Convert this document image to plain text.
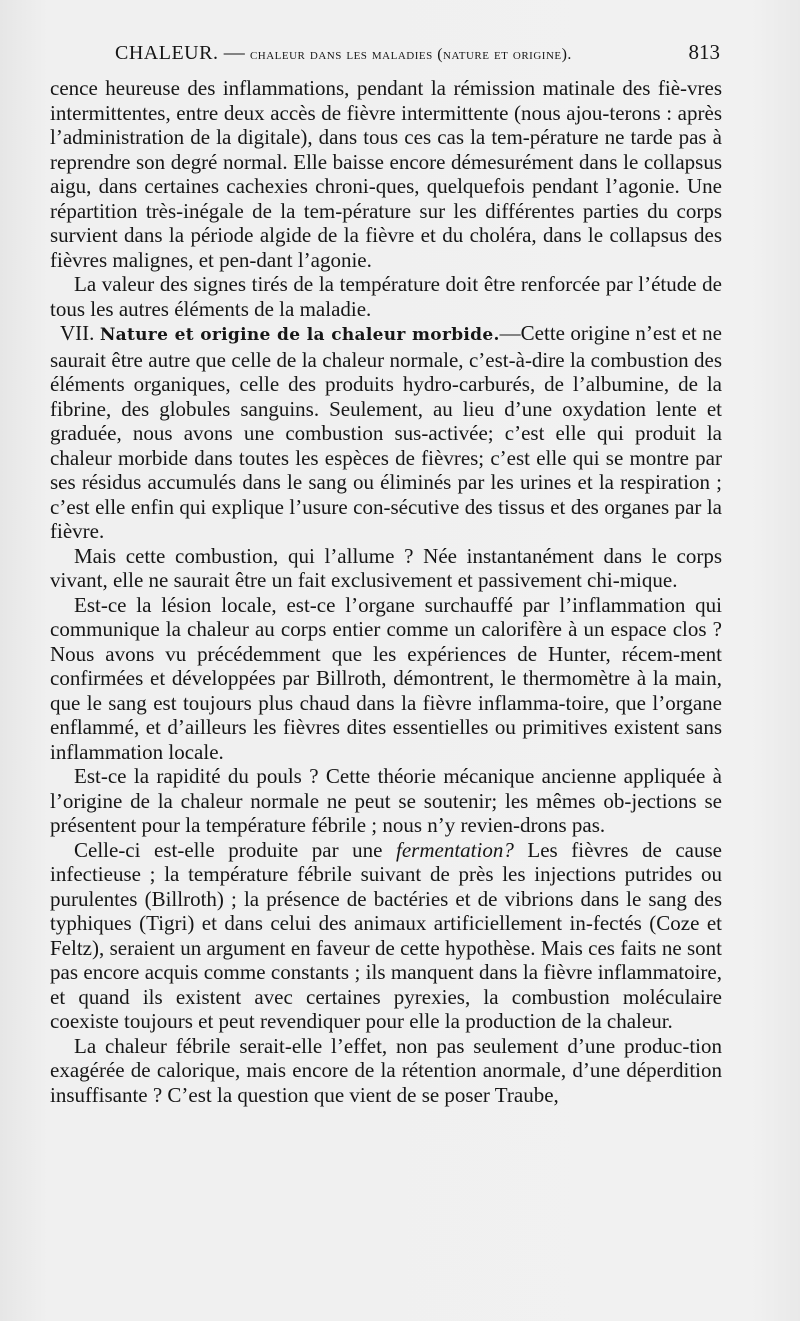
CHALEUR. — chaleur dans les maladies (nature et origine).	813

cence heureuse des inflammations, pendant la rémission matinale des fiè-vres intermittentes, entre deux accès de fièvre intermittente (nous ajou-terons : après l’administration de la digitale), dans tous ces cas la tem-pérature ne tarde pas à reprendre son degré normal. Elle baisse encore démesurément dans le collapsus aigu, dans certaines cachexies chroni-ques, quelquefois pendant l’agonie. Une répartition très-inégale de la tem-pérature sur les différentes parties du corps survient dans la période algide de la fièvre et du choléra, dans le collapsus des fièvres malignes, et pen-dant l’agonie.

La valeur des signes tirés de la température doit être renforcée par l’étude de tous les autres éléments de la maladie.

VII. Nature et origine de la chaleur morbide.—Cette origine n’est et ne saurait être autre que celle de la chaleur normale, c’est-à-dire la combustion des éléments organiques, celle des produits hydro-carburés, de l’albumine, de la fibrine, des globules sanguins. Seulement, au lieu d’une oxydation lente et graduée, nous avons une combustion sus-activée; c’est elle qui produit la chaleur morbide dans toutes les espèces de fièvres; c’est elle qui se montre par ses résidus accumulés dans le sang ou éliminés par les urines et la respiration ; c’est elle enfin qui explique l’usure con-sécutive des tissus et des organes par la fièvre.

Mais cette combustion, qui l’allume ? Née instantanément dans le corps vivant, elle ne saurait être un fait exclusivement et passivement chi-mique.

Est-ce la lésion locale, est-ce l’organe surchauffé par l’inflammation qui communique la chaleur au corps entier comme un calorifère à un espace clos ? Nous avons vu précédemment que les expériences de Hunter, récem-ment confirmées et développées par Billroth, démontrent, le thermomètre à la main, que le sang est toujours plus chaud dans la fièvre inflamma-toire, que l’organe enflammé, et d’ailleurs les fièvres dites essentielles ou primitives existent sans inflammation locale.

Est-ce la rapidité du pouls ? Cette théorie mécanique ancienne appliquée à l’origine de la chaleur normale ne peut se soutenir; les mêmes ob-jections se présentent pour la température fébrile ; nous n’y revien-drons pas.

Celle-ci est-elle produite par une fermentation? Les fièvres de cause infectieuse ; la température fébrile suivant de près les injections putrides ou purulentes (Billroth) ; la présence de bactéries et de vibrions dans le sang des typhiques (Tigri) et dans celui des animaux artificiellement in-fectés (Coze et Feltz), seraient un argument en faveur de cette hypothèse. Mais ces faits ne sont pas encore acquis comme constants ; ils manquent dans la fièvre inflammatoire, et quand ils existent avec certaines pyrexies, la combustion moléculaire coexiste toujours et peut revendiquer pour elle la production de la chaleur.

La chaleur fébrile serait-elle l’effet, non pas seulement d’une produc-tion exagérée de calorique, mais encore de la rétention anormale, d’une déperdition insuffisante ? C’est la question que vient de se poser Traube,
